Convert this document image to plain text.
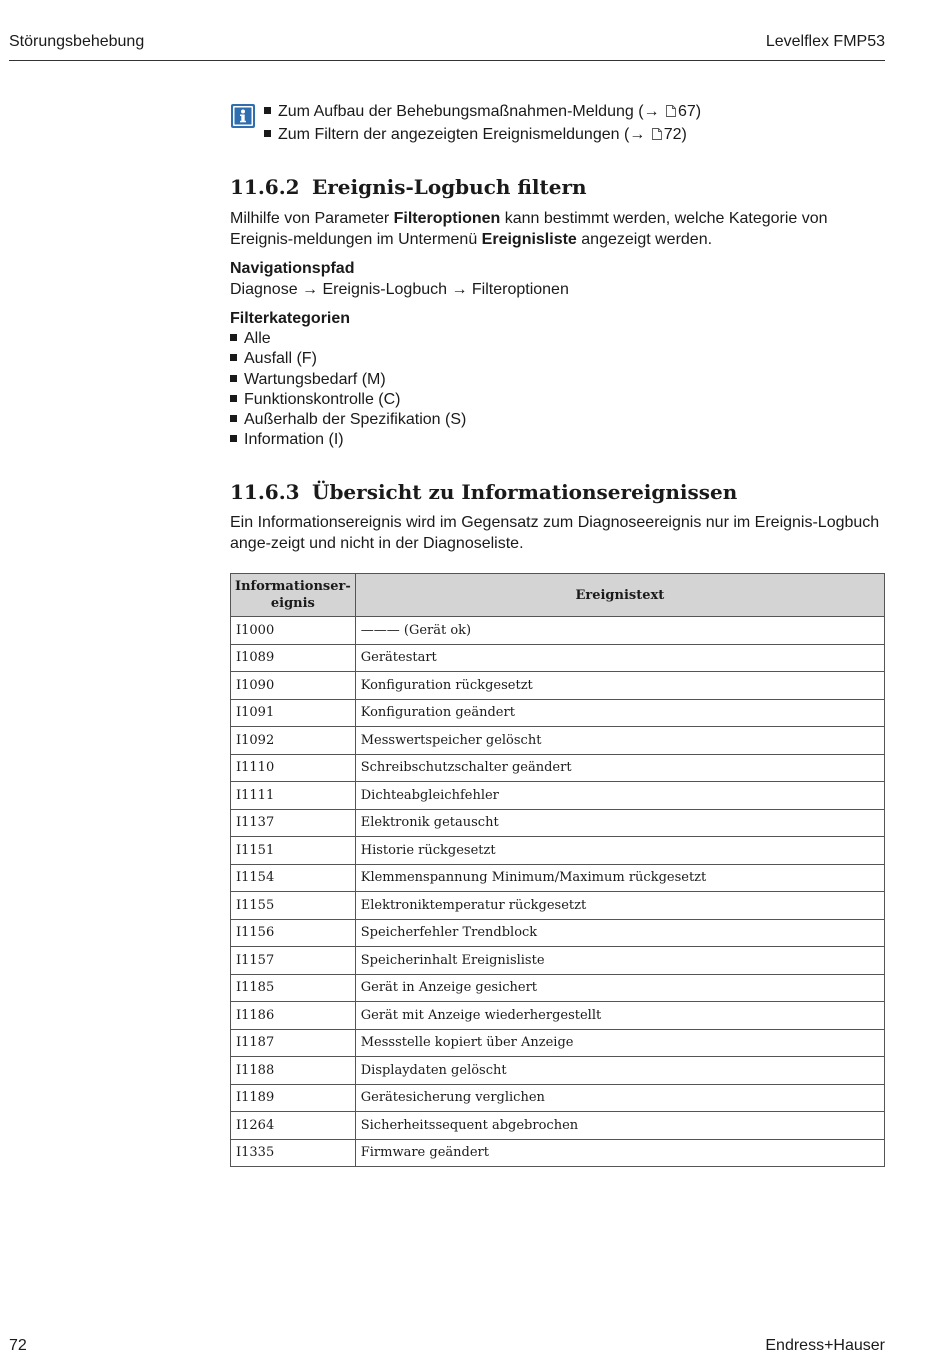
Störungsbehebung	Levelflex FMP53
Zum Aufbau der Behebungsmaßnahmen-Meldung (→ 67)
Zum Filtern der angezeigten Ereignismeldungen (→ 72)
11.6.2 Ereignis-Logbuch filtern

Milhilfe von Parameter Filteroptionen kann bestimmt werden, welche Kategorie von Ereignis-meldungen im Untermenü Ereignisliste angezeigt werden.

Navigationspfad
Diagnose → Ereignis-Logbuch → Filteroptionen
Filterkategorien
Alle
Ausfall (F)
Wartungsbedarf (M)
Funktionskontrolle (C)
Außerhalb der Spezifikation (S)
Information (I)
11.6.3 Übersicht zu Informationsereignissen

Ein Informationsereignis wird im Gegensatz zum Diagnoseereignis nur im Ereignis-Logbuch ange-zeigt und nicht in der Diagnoseliste.

Informationser-eignis	Ereignistext
I1000	——— (Gerät ok)
I1089	Gerätestart
I1090	Konfiguration rückgesetzt
I1091	Konfiguration geändert
I1092	Messwertspeicher gelöscht
I1110	Schreibschutzschalter geändert
I1111	Dichteabgleichfehler
I1137	Elektronik getauscht
I1151	Historie rückgesetzt
I1154	Klemmenspannung Minimum/Maximum rückgesetzt
I1155	Elektroniktemperatur rückgesetzt
I1156	Speicherfehler Trendblock
I1157	Speicherinhalt Ereignisliste
I1185	Gerät in Anzeige gesichert
I1186	Gerät mit Anzeige wiederhergestellt
I1187	Messstelle kopiert über Anzeige
I1188	Displaydaten gelöscht
I1189	Gerätesicherung verglichen
I1264	Sicherheitssequent abgebrochen
I1335	Firmware geändert
72	Endress+Hauser
